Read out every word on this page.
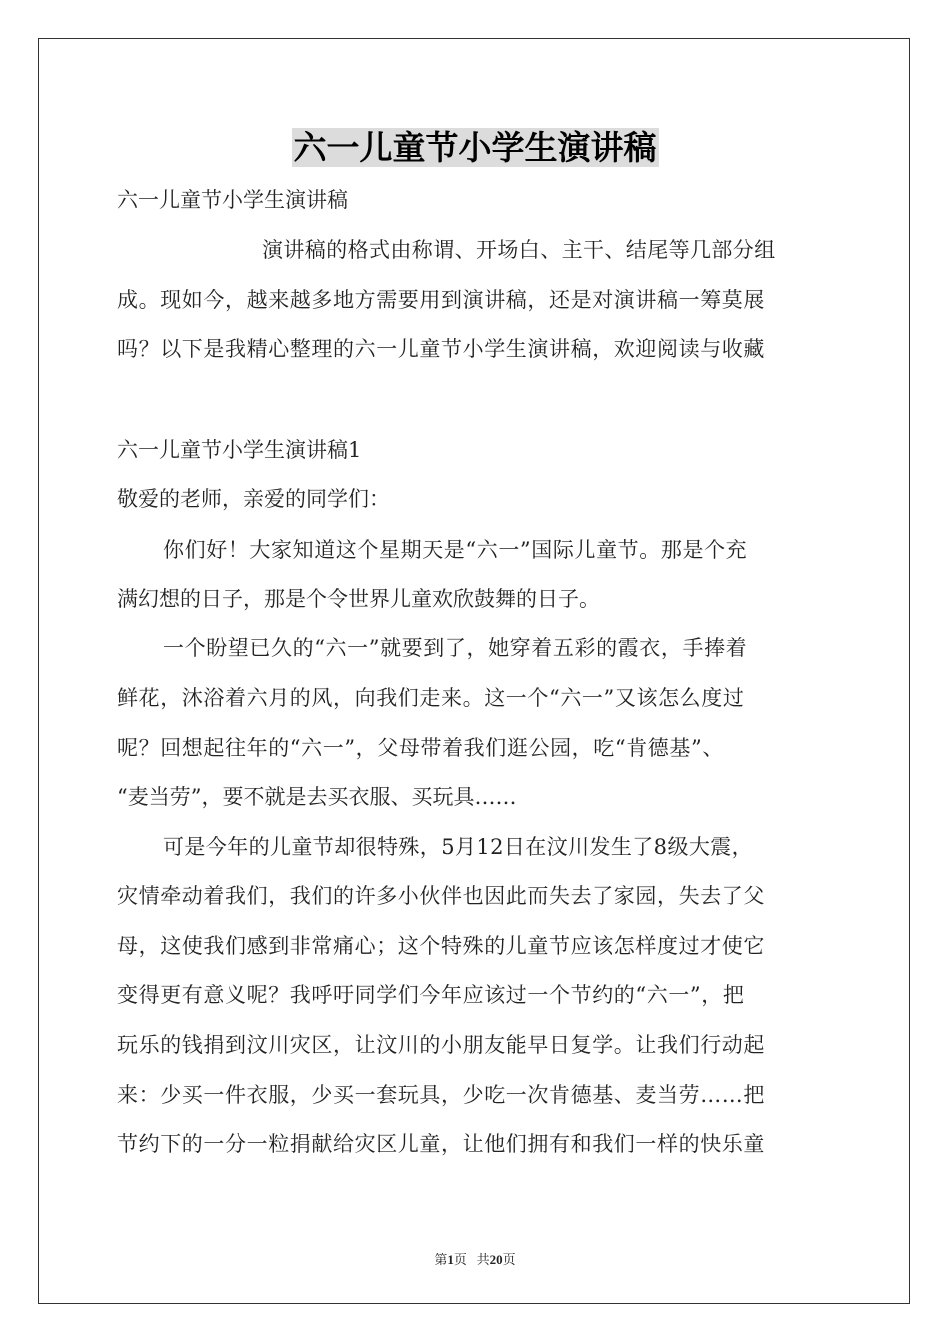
六一儿童节小学生演讲稿
六一儿童节小学生演讲稿
演讲稿的格式由称谓、开场白、主干、结尾等几部分组
成。现如今，越来越多地方需要用到演讲稿，还是对演讲稿一筹莫展
吗？以下是我精心整理的六一儿童节小学生演讲稿，欢迎阅读与收藏
六一儿童节小学生演讲稿1
敬爱的老师，亲爱的同学们：
你们好！大家知道这个星期天是“六一”国际儿童节。那是个充
满幻想的日子，那是个令世界儿童欢欣鼓舞的日子。
一个盼望已久的“六一”就要到了，她穿着五彩的霞衣，手捧着
鲜花，沐浴着六月的风，向我们走来。这一个“六一”又该怎么度过
呢？回想起往年的“六一”，父母带着我们逛公园，吃“肯德基”、
“麦当劳”，要不就是去买衣服、买玩具……
可是今年的儿童节却很特殊，5月12日在汶川发生了8级大震，
灾情牵动着我们，我们的许多小伙伴也因此而失去了家园，失去了父
母，这使我们感到非常痛心；这个特殊的儿童节应该怎样度过才使它
变得更有意义呢？我呼吁同学们今年应该过一个节约的“六一”，把
玩乐的钱捐到汶川灾区，让汶川的小朋友能早日复学。让我们行动起
来：少买一件衣服，少买一套玩具，少吃一次肯德基、麦当劳……把
节约下的一分一粒捐献给灾区儿童，让他们拥有和我们一样的快乐童
第1页 共20页
